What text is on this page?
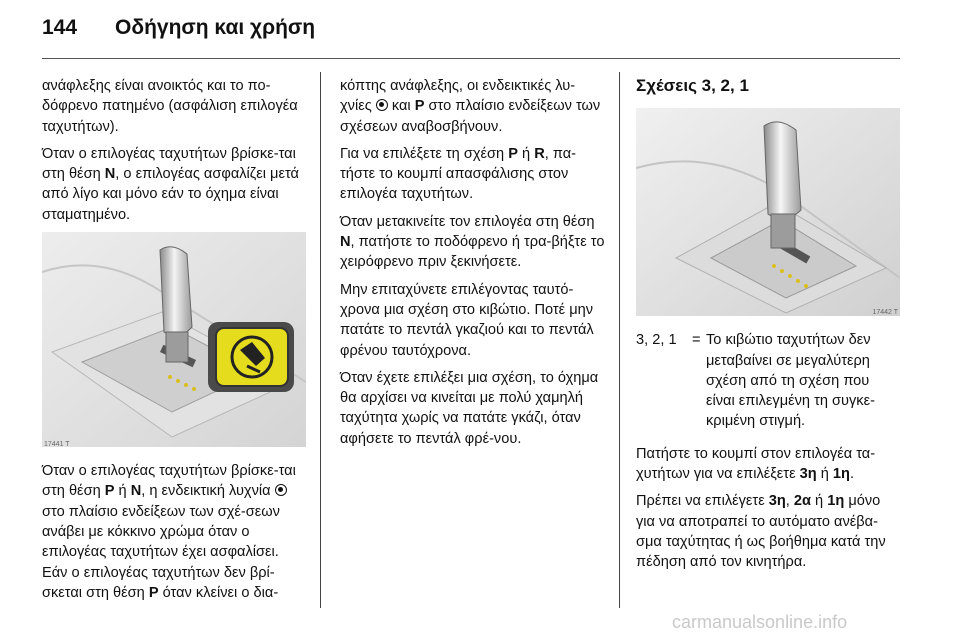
144 Οδήγηση και χρήση

ανάφλεξης είναι ανοικτός και το πο-δόφρενο πατημένο (ασφάλιση επιλογέα ταχυτήτων).

Όταν ο επιλογέας ταχυτήτων βρίσκε-ται στη θέση N, ο επιλογέας ασφαλίζει μετά από λίγο και μόνο εάν το όχημα είναι σταματημένο.

17441 T

Όταν ο επιλογέας ταχυτήτων βρίσκε-ται στη θέση P ή N, η ενδεικτική λυχνία  στο πλαίσιο ενδείξεων των σχέ-σεων ανάβει με κόκκινο χρώμα όταν ο επιλογέας ταχυτήτων έχει ασφαλίσει. Εάν ο επιλογέας ταχυτήτων δεν βρί-σκεται στη θέση P όταν κλείνει ο δια-

κόπτης ανάφλεξης, οι ενδεικτικές λυ-χνίες  και P στο πλαίσιο ενδείξεων των σχέσεων αναβοσβήνουν.

Για να επιλέξετε τη σχέση P ή R, πα-τήστε το κουμπί απασφάλισης στον επιλογέα ταχυτήτων.

Όταν μετακινείτε τον επιλογέα στη θέση N, πατήστε το ποδόφρενο ή τρα-βήξτε το χειρόφρενο πριν ξεκινήσετε.

Μην επιταχύνετε επιλέγοντας ταυτό-χρονα μια σχέση στο κιβώτιο. Ποτέ μην πατάτε το πεντάλ γκαζιού και το πεντάλ φρένου ταυτόχρονα.

Όταν έχετε επιλέξει μια σχέση, το όχημα θα αρχίσει να κινείται με πολύ χαμηλή ταχύτητα χωρίς να πατάτε γκάζι, όταν αφήσετε το πεντάλ φρέ-νου.

Σχέσεις 3, 2, 1
17442 T
3, 2, 1	= Το κιβώτιο ταχυτήτων δεν μεταβαίνει σε μεγαλύτερη σχέση από τη σχέση που είναι επιλεγμένη τη συγκε-κριμένη στιγμή.

Πατήστε το κουμπί στον επιλογέα τα-χυτήτων για να επιλέξετε 3η ή 1η.

Πρέπει να επιλέγετε 3η, 2α ή 1η μόνο για να αποτραπεί το αυτόματο ανέβα-σμα ταχύτητας ή ως βοήθημα κατά την πέδηση από τον κινητήρα.

carmanualsonline.info
